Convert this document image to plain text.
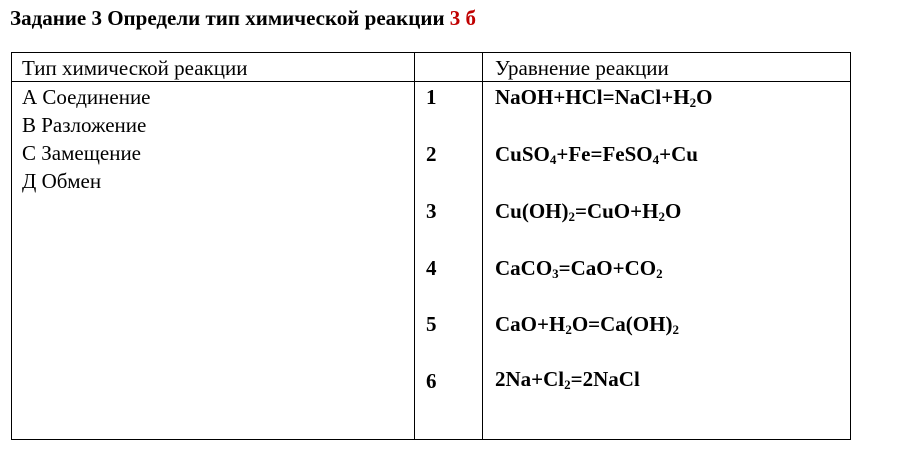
Задание 3 Определи тип химической реакции 3 б
Тип химической реакции	Уравнение реакции
А Соединение
В Разложение
С Замещение
Д Обмен
1	$NaOH+HCl=NaCl+H_2O$
2	CuSO$_4$+Fe=FeSO$_4$+Cu
3	$Cu(OH)_2=CuO+H_2O$
4	$CaCO_3=CaO+CO_2$
5	$CaO+H_2O=Ca(OH)_2$
6	$2Na+Cl_2=2NaCl$
